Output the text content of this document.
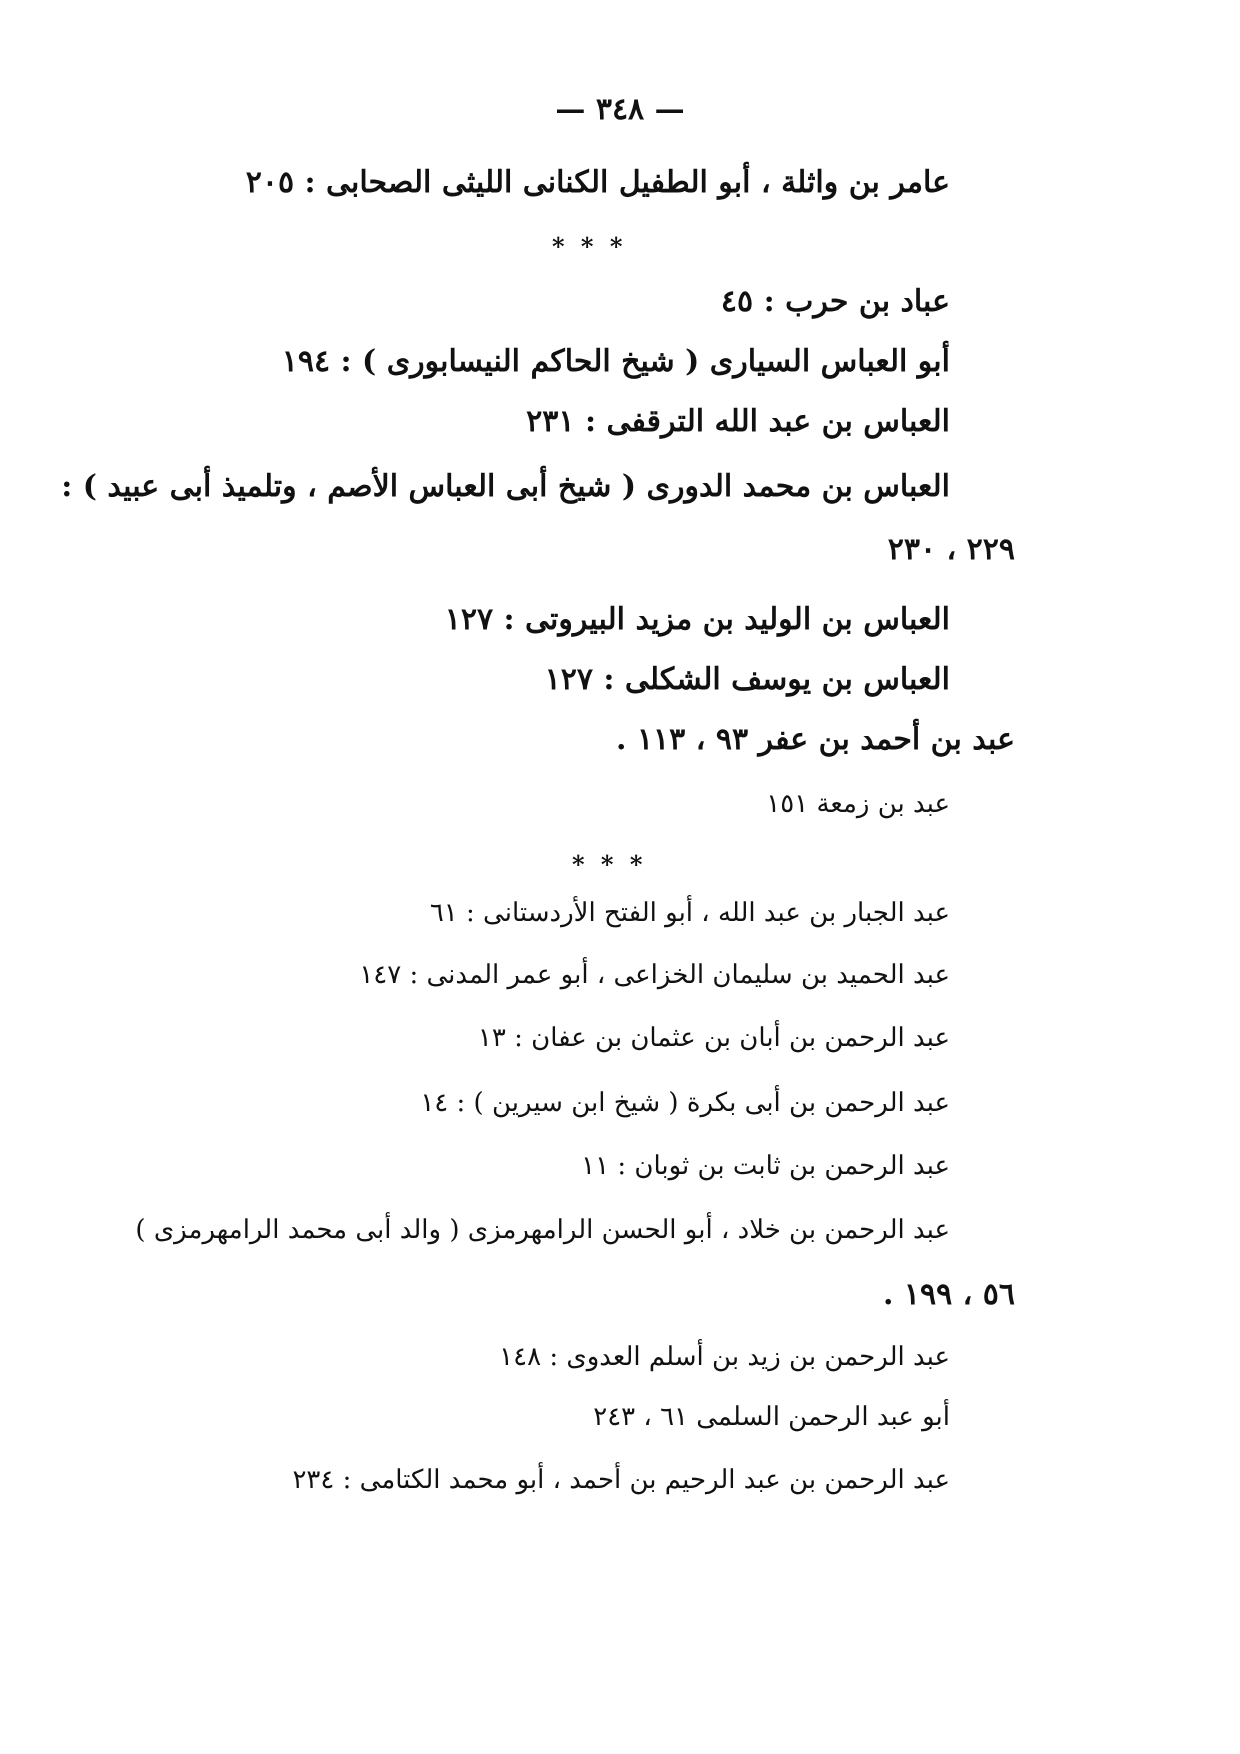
— ٣٤٨ —
عامر بن واثلة ، أبو الطفيل الكنانى الليثى الصحابى : ٢٠٥
* * *
عباد بن حرب : ٤٥
أبو العباس السيارى ( شيخ الحاكم النيسابورى ) : ١٩٤
العباس بن عبد الله الترقفى : ٢٣١
العباس بن محمد الدورى ( شيخ أبى العباس الأصم ، وتلميذ أبى عبيد ) :
٢٢٩ ، ٢٣٠
العباس بن الوليد بن مزيد البيروتى : ١٢٧
العباس بن يوسف الشكلى : ١٢٧
عبد بن أحمد بن عفر ٩٣ ، ١١٣ .
عبد بن زمعة ١٥١
* * *
عبد الجبار بن عبد الله ، أبو الفتح الأردستانى : ٦١
عبد الحميد بن سليمان الخزاعى ، أبو عمر المدنى : ١٤٧
عبد الرحمن بن أبان بن عثمان بن عفان : ١٣
عبد الرحمن بن أبى بكرة ( شيخ ابن سيرين ) : ١٤
عبد الرحمن بن ثابت بن ثوبان : ١١
عبد الرحمن بن خلاد ، أبو الحسن الرامهرمزى ( والد أبى محمد الرامهرمزى )
٥٦ ، ١٩٩ .
عبد الرحمن بن زيد بن أسلم العدوى : ١٤٨
أبو عبد الرحمن السلمى ٦١ ، ٢٤٣
عبد الرحمن بن عبد الرحيم بن أحمد ، أبو محمد الكتامى : ٢٣٤
